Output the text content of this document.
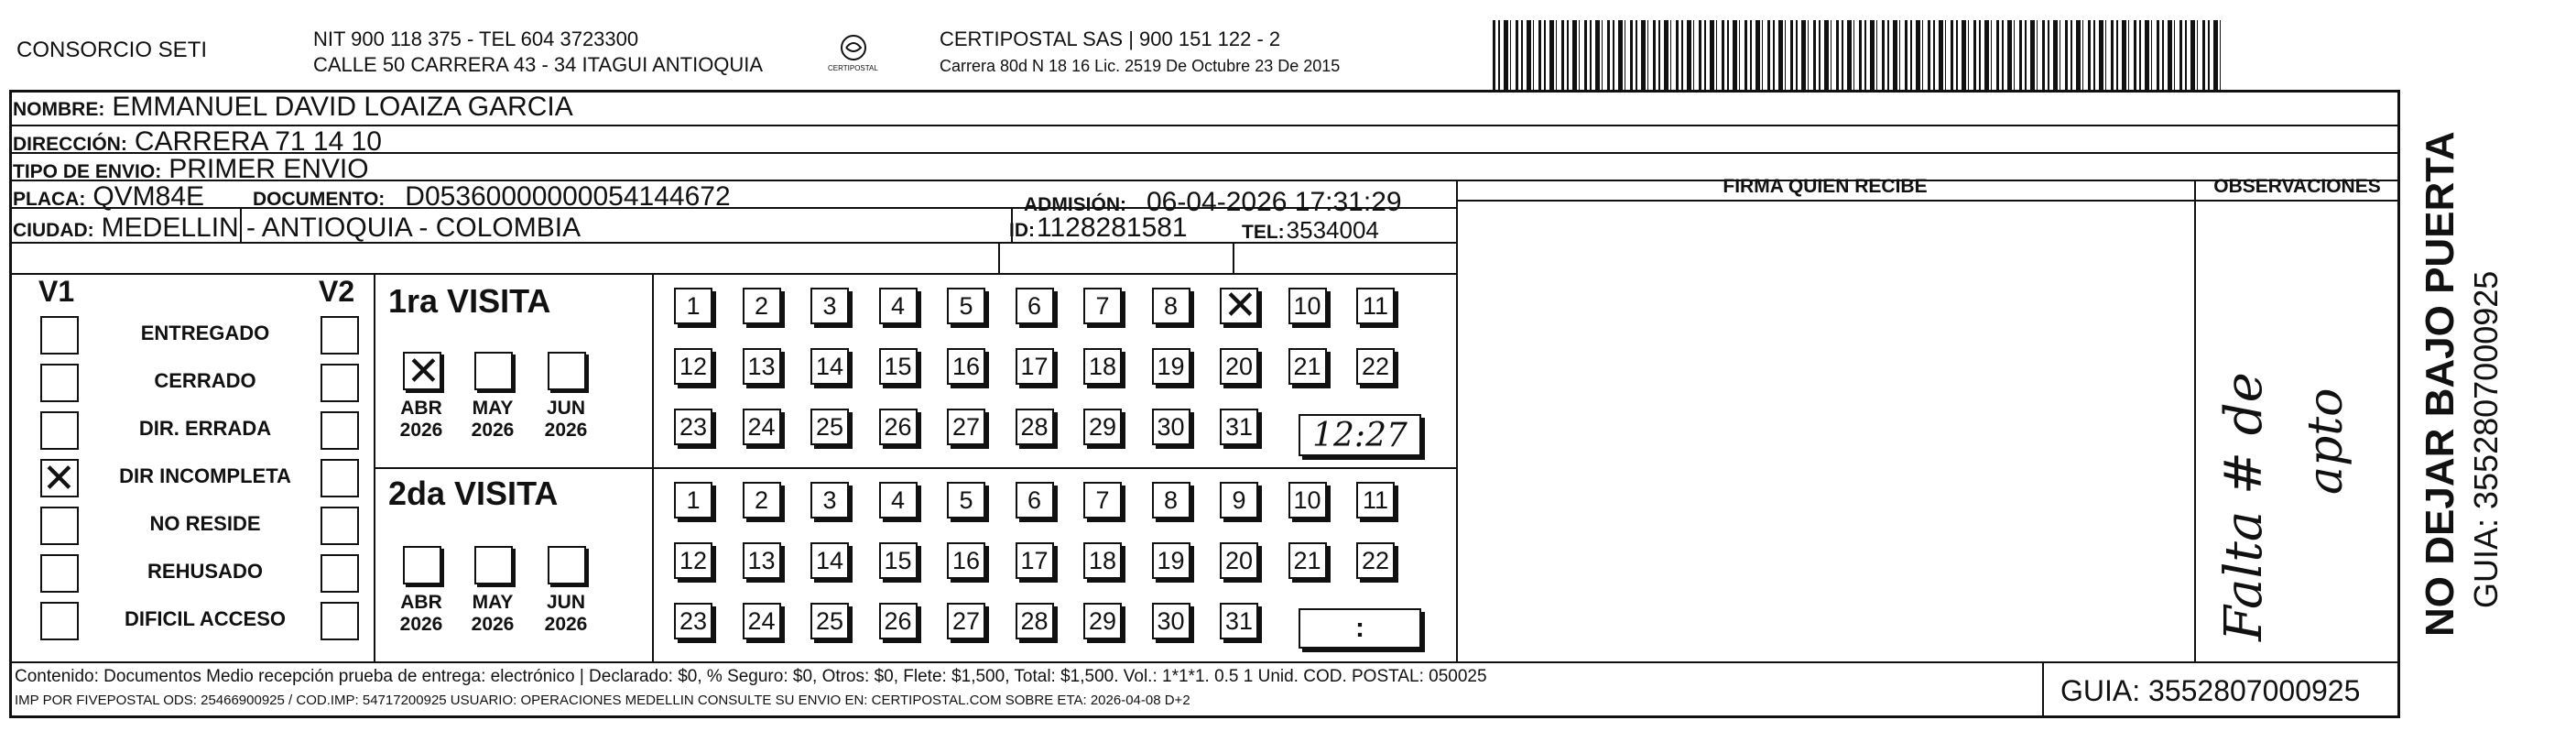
CONSORCIO SETI	NIT 900 118 375 - TEL 604 3723300
CALLE 50 CARRERA 43 - 34 ITAGUI ANTIOQUIA	CERTIPOSTAL
CERTIPOSTAL SAS | 900 151 122 - 2
Carrera 80d N 18 16 Lic. 2519 De Octubre 23 De 2015
NOMBRE: EMMANUEL DAVID LOAIZA GARCIA
DIRECCIÓN: CARRERA 71 14 10
TIPO DE ENVIO: PRIMER ENVIO
PLACA: QVM84E	DOCUMENTO: D05360000000054144672	ADMISIÓN: 06-04-2026 17:31:29
CIUDAD: MEDELLIN - ANTIOQUIA - COLOMBIA	ID: 1128281581	TEL: 3534004
FIRMA QUIEN RECIBE	OBSERVACIONES
Falta # de apto
V1	V2
ENTREGADO
CERRADO
DIR. ERRADA
✕	DIR INCOMPLETA
NO RESIDE
REHUSADO
DIFICIL ACCESO
1ra VISITA
✕
ABR
2026
MAY
2026
JUN
2026
1	2	3	4	5	6	7	8	✕ 10 11
12 13 14 15 16 17 18 19 20 21 22
23 24 25 26 27 28 29 30 31
2da VISITA
ABR
2026
MAY
2026
JUN
2026
1	2	3	4	5	6	7	8	9	10 11
12 13 14 15 16 17 18 19 20 21 22
23 24 25 26 27 28 29 30 31
12:27
:
Contenido: Documentos Medio recepción prueba de entrega: electrónico | Declarado: $0, % Seguro: $0, Otros: $0, Flete: $1,500, Total: $1,500. Vol.: 1*1*1. 0.5 1 Unid. COD. POSTAL: 050025
IMP POR FIVEPOSTAL ODS: 25466900925 / COD.IMP: 54717200925 USUARIO: OPERACIONES MEDELLIN CONSULTE SU ENVIO EN: CERTIPOSTAL.COM SOBRE ETA: 2026-04-08 D+2	GUIA: 3552807000925
NO DEJAR BAJO PUERTA GUIA: 3552807000925
